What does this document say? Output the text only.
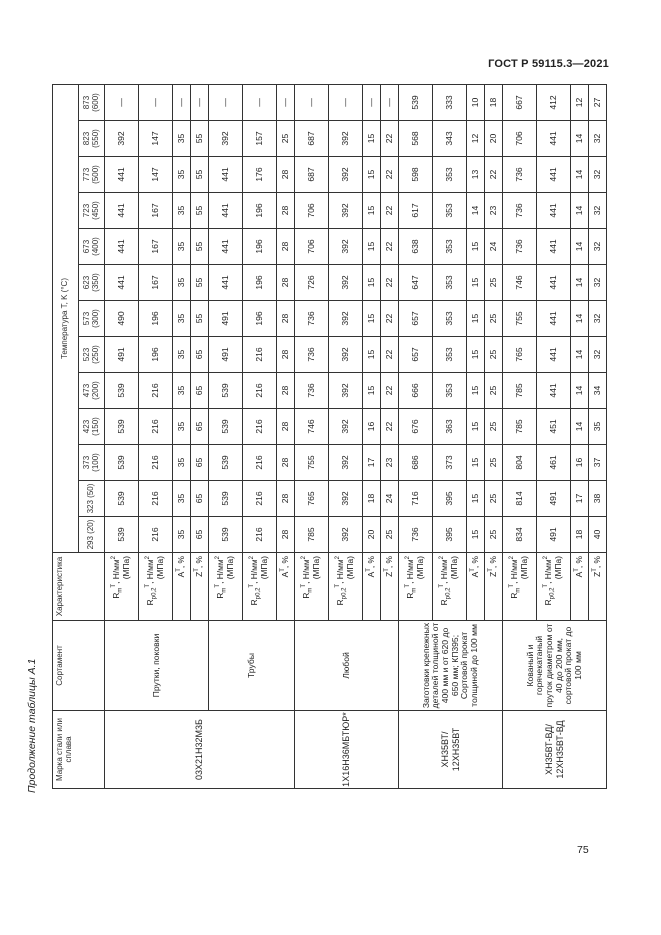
ГОСТ Р 59115.3—2021
Продолжение таблицы А.1	Марка стали или сплава	Сортамент	Характеристика	Температура T, K (°C)												
			293 (20)	323 (50)	373 (100)	423 (150)	473 (200)	523 (250)	573 (300)	623 (350)	673 (400)	723 (450)	773 (500)	823 (550)	873 (600)
03Х21Н32М3Б	Прутки, поковки	$R_m^T$, $Н/мм^2$ (МПа)	539	539	539	539	539	491	490	441	441	441	441	392	—
		$R_{p0,2}^T$, $Н/мм^2$ (МПа)	216	216	216	216	216	196	196	167	167	167	147	147	—
		$A^T$, %	35	35	35	35	35	35	35	35	35	35	35	35	—
		$Z^T$, %	65	65	65	65	65	65	55	55	55	55	55	55	—
	Трубы	$R_m^T$, $Н/мм^2$ (МПа)	539	539	539	539	539	491	491	441	441	441	441	392	—
		$R_{p0,2}^T$, $Н/мм^2$ (МПа)	216	216	216	216	216	216	196	196	196	196	176	157	—
		$A^T$, %	28	28	28	28	28	28	28	28	28	28	28	25	—
1Х16Н36МБТЮР*	Любой	$R_m^T$, $Н/мм^2$ (МПа)	785	765	755	746	736	736	736	726	706	706	687	687	—
		$R_{p0,2}^T$, $Н/мм^2$ (МПа)	392	392	392	392	392	392	392	392	392	392	392	392	—
		$A^T$, %	20	18	17	16	15	15	15	15	15	15	15	15	—
		$Z^T$, %	25	24	23	22	22	22	22	22	22	22	22	22	—
ХН35ВТ/ 12ХН35ВТ	Заготовки крепежных деталей толщиной от 400 мм и от 620 до 650 мм; КП395; Сортовой прокат толщиной до 100 мм	$R_m^T$, $Н/мм^2$ (МПа)	736	716	686	676	666	657	657	647	638	617	598	568	539
		$R_{p0,2}^T$, $Н/мм^2$ (МПа)	395	395	373	363	353	353	353	353	353	353	353	343	333
		$A^T$, %	15	15	15	15	15	15	15	15	15	14	13	12	10
		$Z^T$, %	25	25	25	25	25	25	25	25	24	23	22	20	18
ХН35ВТ-ВД/ 12ХН35ВТ-ВД	Кованый и горячекатаный пруток диаметром от 40 до 200 мм, сортовой прокат до 100 мм	$R_m^T$, $Н/мм^2$ (МПа)	834	814	804	785	785	765	755	746	736	736	736	706	667
		$R_{p0,2}^T$, $Н/мм^2$ (МПа)	491	491	461	451	441	441	441	441	441	441	441	441	412
		$A^T$, %	18	17	16	14	14	14	14	14	14	14	14	14	12
		$Z^T$, %	40	38	37	35	34	32	32	32	32	32	32	32	27
75
